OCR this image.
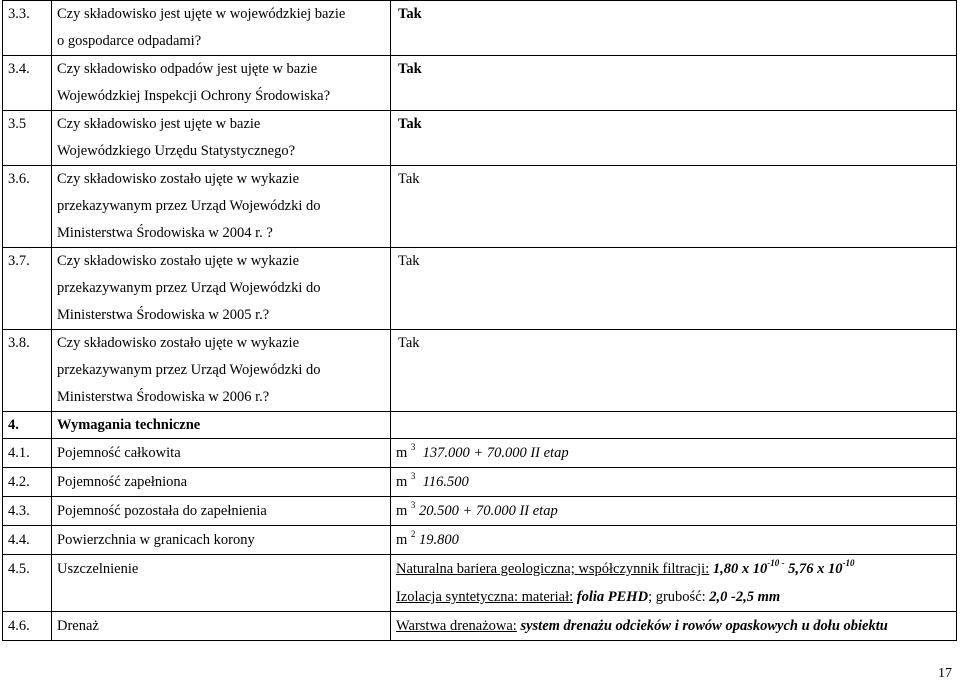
3.3.	Czy składowisko jest ujęte w wojewódzkiej bazie
o gospodarce odpadami?	Tak
3.4.	Czy składowisko odpadów jest ujęte w bazie
Wojewódzkiej Inspekcji Ochrony Środowiska?	Tak
3.5	Czy składowisko jest ujęte w bazie
Wojewódzkiego Urzędu Statystycznego?	Tak
3.6.	Czy składowisko zostało ujęte w wykazie
przekazywanym przez Urząd Wojewódzki do
Ministerstwa Środowiska w 2004 r. ?	Tak
3.7.	Czy składowisko zostało ujęte w wykazie
przekazywanym przez Urząd Wojewódzki do
Ministerstwa Środowiska w 2005 r.?	Tak
3.8.	Czy składowisko zostało ujęte w wykazie
przekazywanym przez Urząd Wojewódzki do
Ministerstwa Środowiska w 2006 r.?	Tak
4.	Wymagania techniczne	
4.1.	Pojemność całkowita	m $^3$ 137.000 + 70.000 II etap
4.2.	Pojemność zapełniona	m $^3$ 116.500
4.3.	Pojemność pozostała do zapełnienia	m $^3$ 20.500 + 70.000 II etap
4.4.	Powierzchnia w granicach korony	m $^2$ 19.800
4.5.	Uszczelnienie	Naturalna bariera geologiczna; współczynnik filtracji: 1,80 x $10^{-10 -}$ 5,76 x $10^{-10}$
Izolacja syntetyczna: materiał: folia PEHD; grubość: 2,0 -2,5 mm

4.6.	Drenaż	Warstwa drenażowa: system drenażu odcieków i rowów opaskowych u dołu obiektu
17
